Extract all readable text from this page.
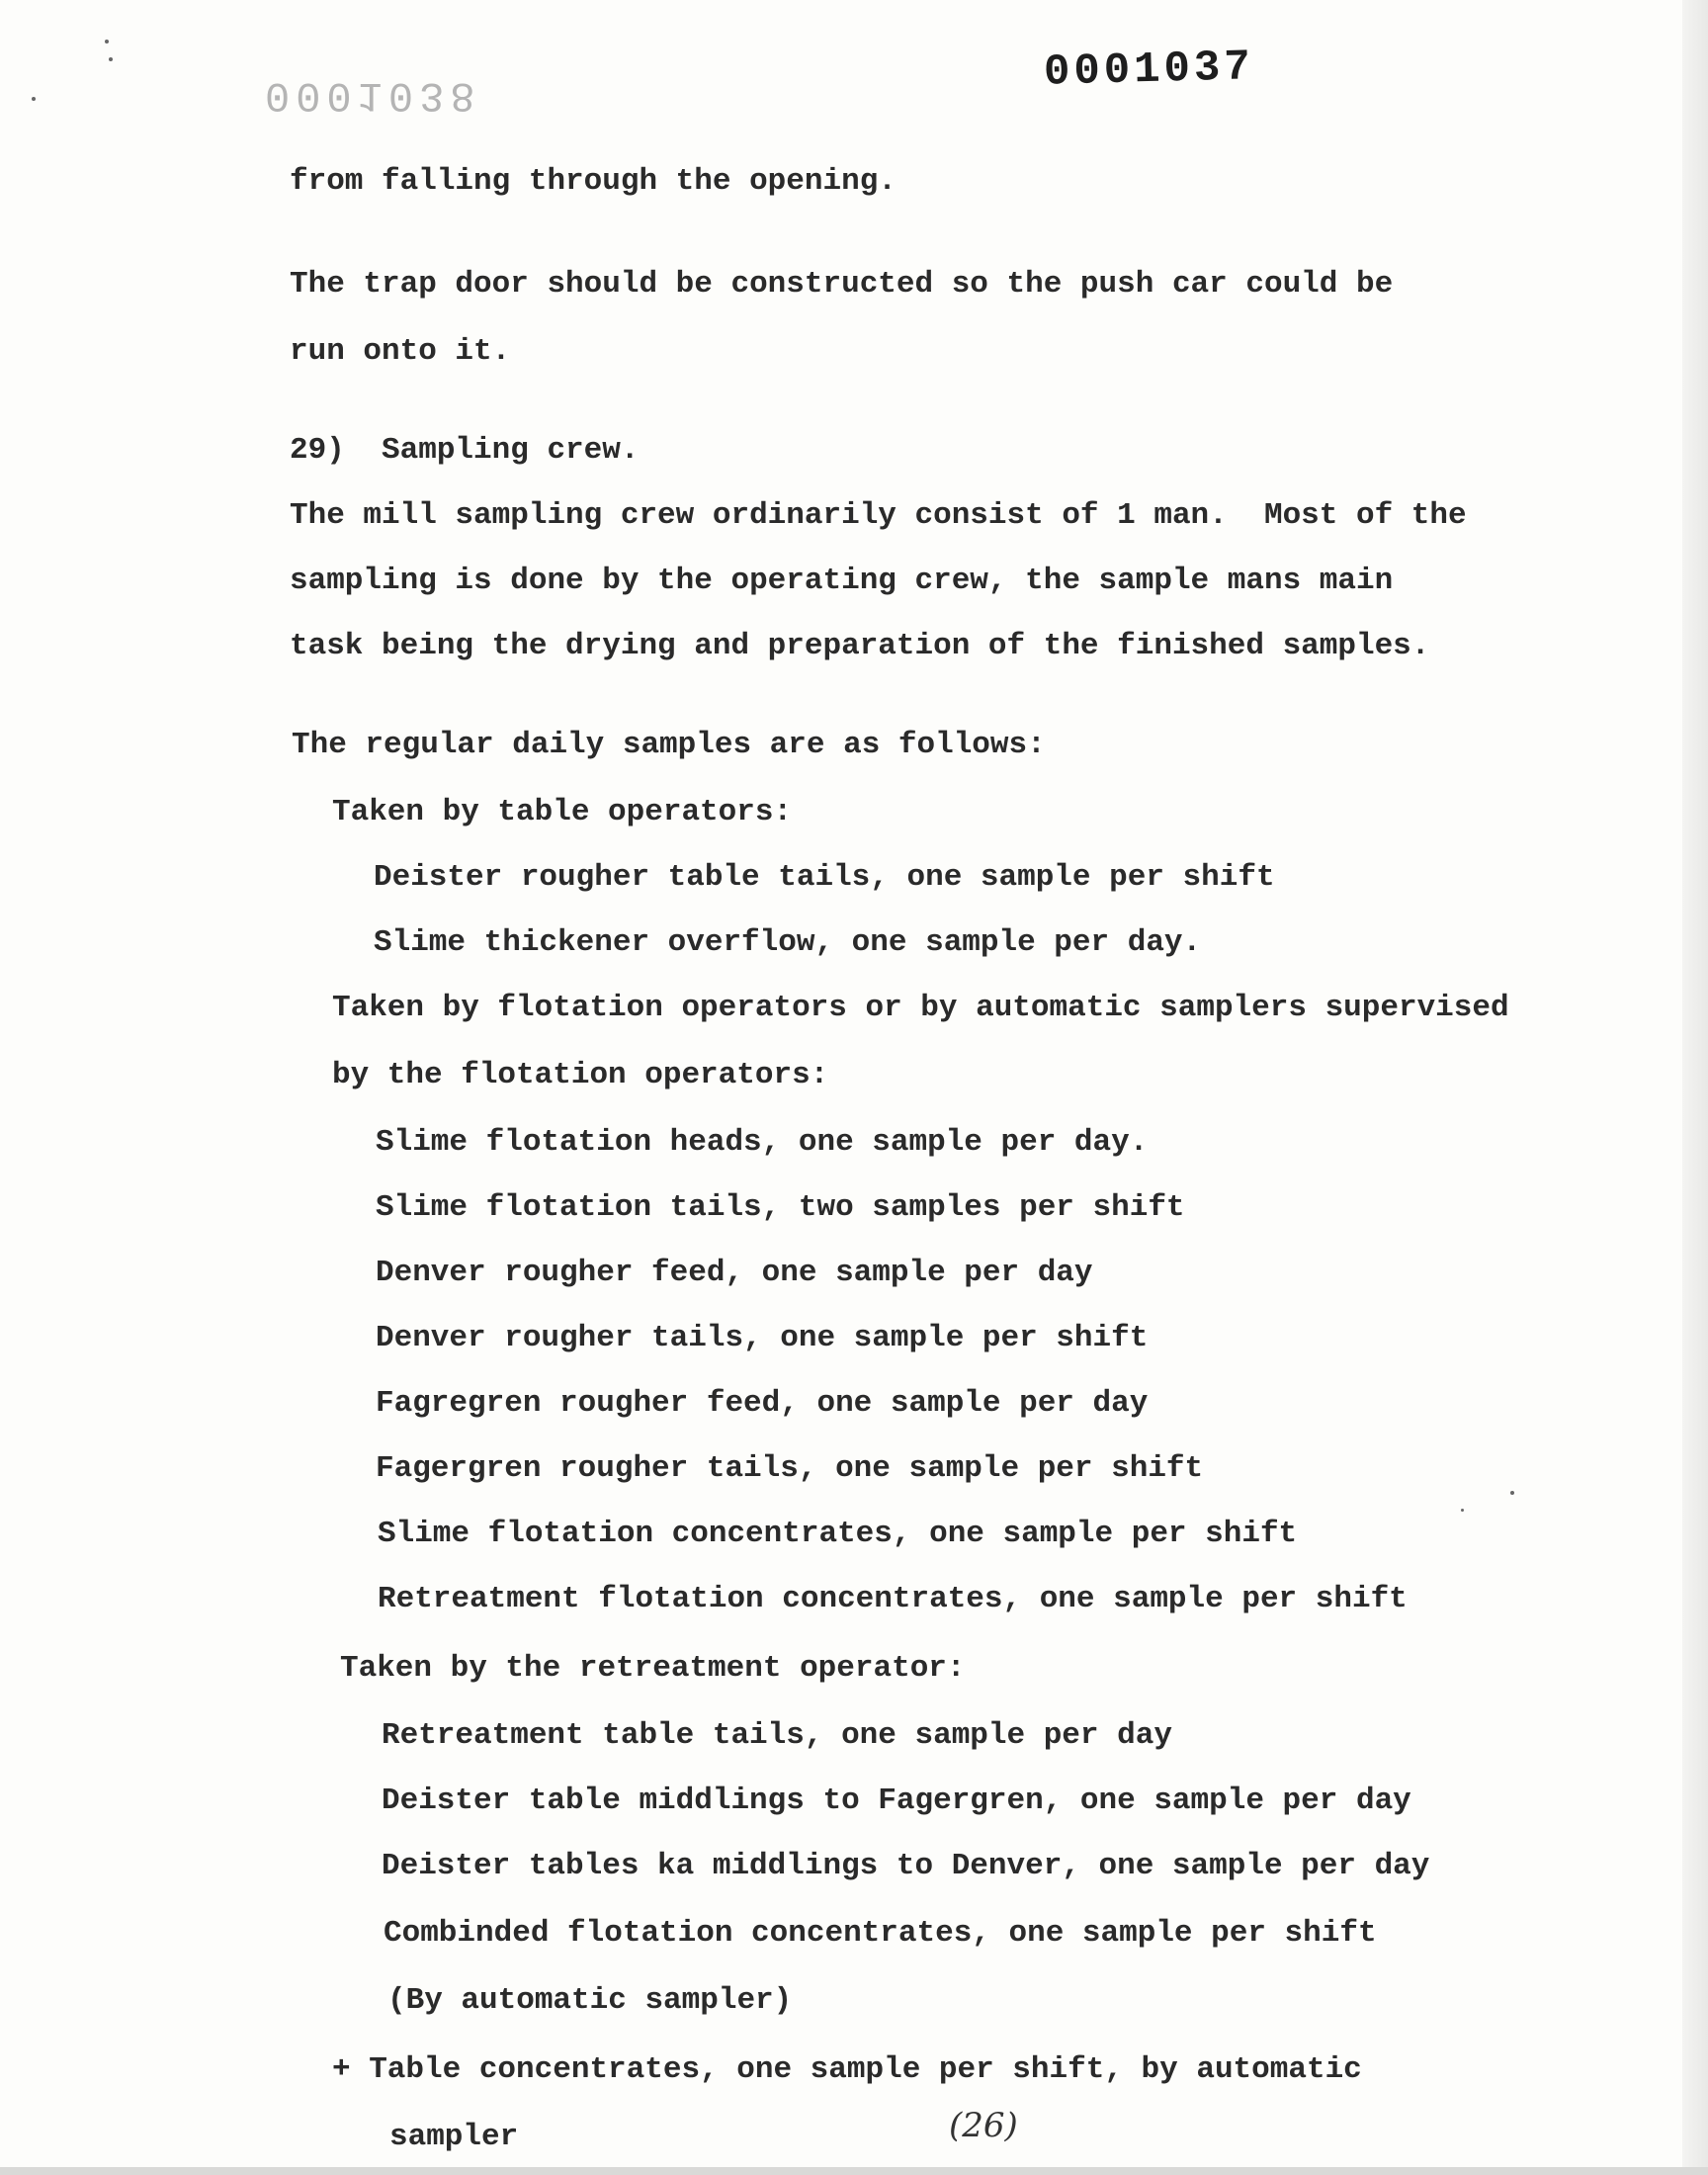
0001038	0001037
from falling through the opening.
The trap door should be constructed so the push car could be
run onto it.
29)  Sampling crew.
The mill sampling crew ordinarily consist of 1 man.  Most of the
sampling is done by the operating crew, the sample mans main
task being the drying and preparation of the finished samples.
The regular daily samples are as follows:
Taken by table operators:
Deister rougher table tails, one sample per shift
Slime thickener overflow, one sample per day.
Taken by flotation operators or by automatic samplers supervised
by the flotation operators:
Slime flotation heads, one sample per day.
Slime flotation tails, two samples per shift
Denver rougher feed, one sample per day
Denver rougher tails, one sample per shift
Fagregren rougher feed, one sample per day
Fagergren rougher tails, one sample per shift
Slime flotation concentrates, one sample per shift
Retreatment flotation concentrates, one sample per shift
Taken by the retreatment operator:
Retreatment table tails, one sample per day
Deister table middlings to Fagergren, one sample per day
Deister tables ka middlings to Denver, one sample per day
Combinded flotation concentrates, one sample per shift
(By automatic sampler)
+ Table concentrates, one sample per shift, by automatic
sampler	(26)
